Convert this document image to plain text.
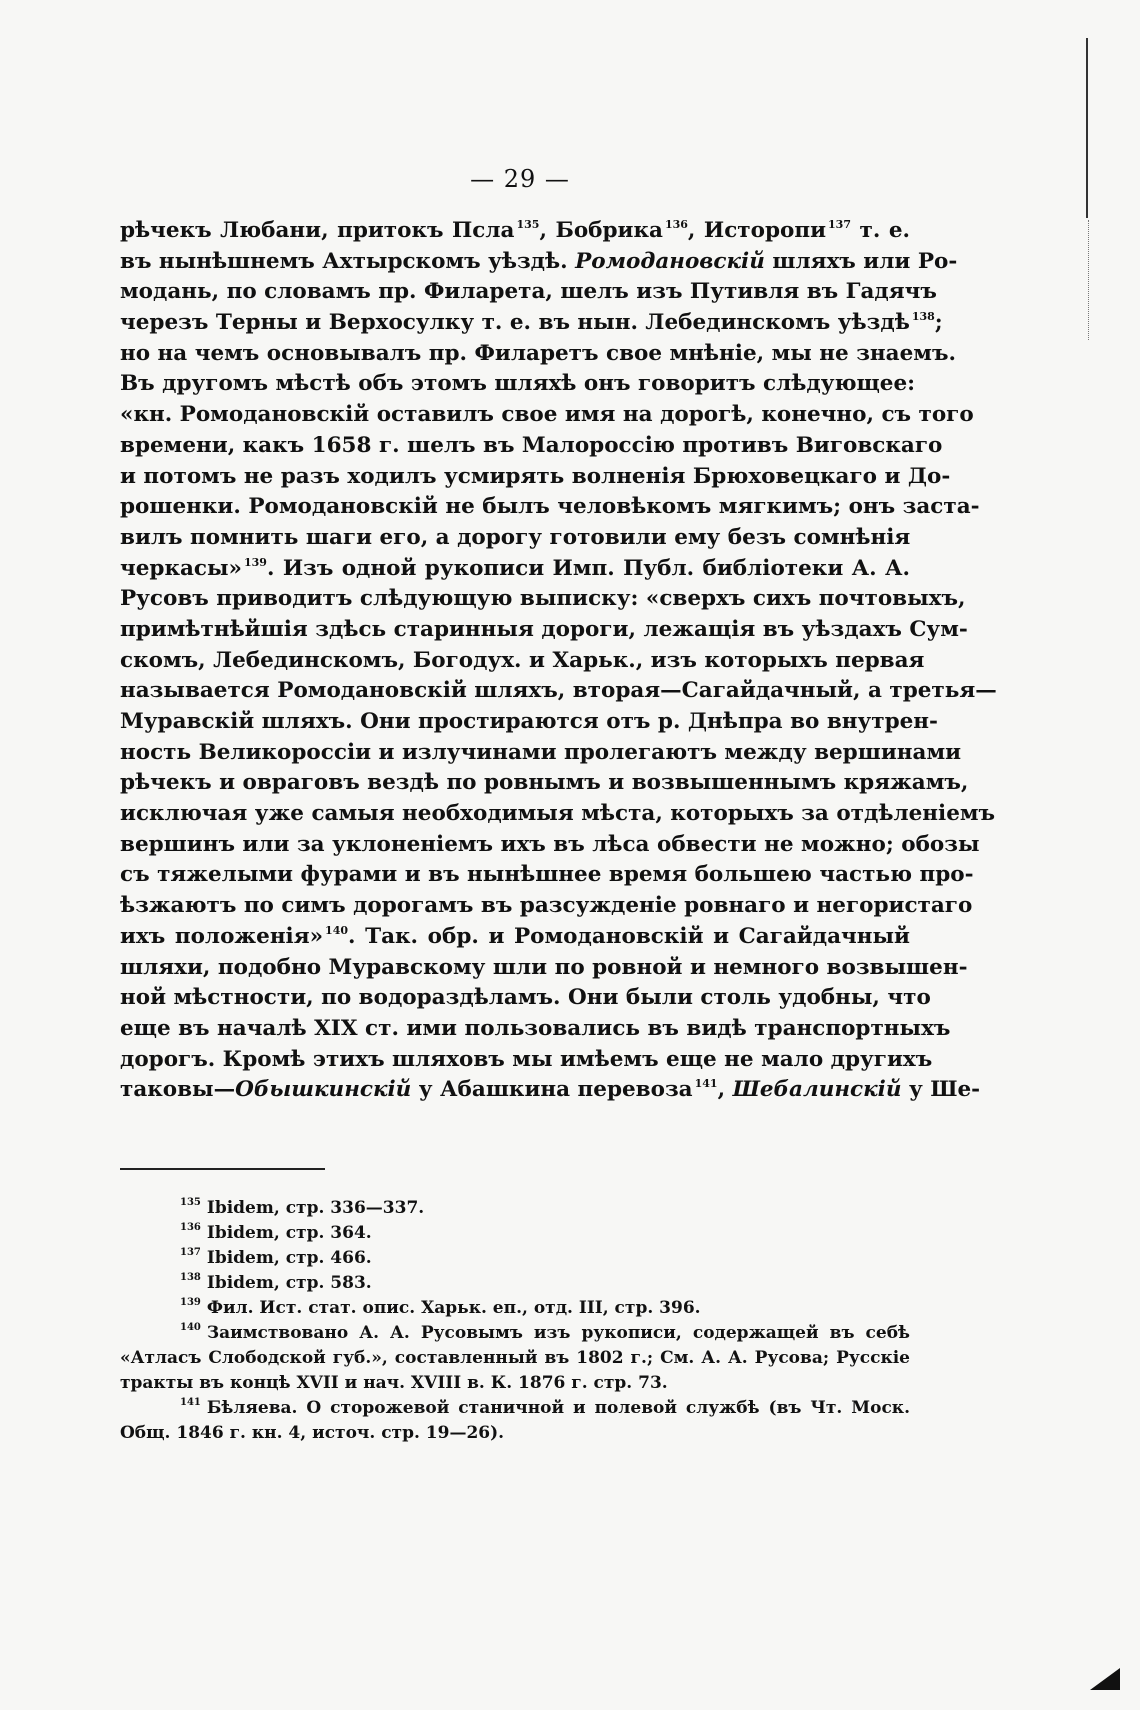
— 29 —
рѣчекъ Любани, притокъ Псла $^{135}$, Бобрика $^{136}$, Исторопи $^{137}$ т. е.
въ нынѣшнемъ Ахтырскомъ уѣздѣ. Ромодановскій шляхъ или Ро-
модань, по словамъ пр. Филарета, шелъ изъ Путивля въ Гадячъ
черезъ Терны и Верхосулку т. е. въ нын. Лебединскомъ уѣздѣ $^{138}$;
но на чемъ основывалъ пр. Филаретъ свое мнѣніе, мы не знаемъ.
Въ другомъ мѣстѣ объ этомъ шляхѣ онъ говоритъ слѣдующее:
«кн. Ромодановскій оставилъ свое имя на дорогѣ, конечно, съ того
времени, какъ 1658 г. шелъ въ Малороссію противъ Виговскаго
и потомъ не разъ ходилъ усмирять волненія Брюховецкаго и До-
рошенки. Ромодановскій не былъ человѣкомъ мягкимъ; онъ заста-
вилъ помнить шаги его, а дорогу готовили ему безъ сомнѣнія
черкасы» $^{139}$. Изъ одной рукописи Имп. Публ. библіотеки А. А.
Русовъ приводитъ слѣдующую выписку: «сверхъ сихъ почтовыхъ,
примѣтнѣйшія здѣсь старинныя дороги, лежащія въ уѣздахъ Сум-
скомъ, Лебединскомъ, Богодух. и Харьк., изъ которыхъ первая
называется Ромодановскій шляхъ, вторая—Сагайдачный, а третья—
Муравскій шляхъ. Они простираются отъ р. Днѣпра во внутрен-
ность Великороссіи и излучинами пролегаютъ между вершинами
рѣчекъ и овраговъ вездѣ по ровнымъ и возвышеннымъ кряжамъ,
исключая уже самыя необходимыя мѣста, которыхъ за отдѣленіемъ
вершинъ или за уклоненіемъ ихъ въ лѣса обвести не можно; обозы
съ тяжелыми фурами и въ нынѣшнее время большею частью про-
ѣзжаютъ по симъ дорогамъ въ разсужденіе ровнаго и негористаго
ихъ положенія» $^{140}$. Так. обр. и Ромодановскій и Сагайдачный
шляхи, подобно Муравскому шли по ровной и немного возвышен-
ной мѣстности, по водораздѣламъ. Они были столь удобны, что
еще въ началѣ XIX ст. ими пользовались въ видѣ транспортныхъ
дорогъ. Кромѣ этихъ шляховъ мы имѣемъ еще не мало другихъ
таковы—Обышкинскій у Абашкина перевоза $^{141}$, Шебалинскій у Ше-
$^{135}$ Ibidem, стр. 336—337.
$^{136}$ Ibidem, стр. 364.
$^{137}$ Ibidem, стр. 466.
$^{138}$ Ibidem, стр. 583.
$^{139}$ Фил. Ист. стат. опис. Харьк. еп., отд. III, стр. 396.
$^{140}$ Заимствовано А. А. Русовымъ изъ рукописи, содержащей въ себѣ
«Атласъ Слободской губ.», составленный въ 1802 г.; См. А. А. Русова; Русскіе
тракты въ концѣ XVII и нач. XVIII в. К. 1876 г. стр. 73.
$^{141}$ Бѣляева. О сторожевой станичной и полевой службѣ (въ Чт. Моск.
Общ. 1846 г. кн. 4, источ. стр. 19—26).
